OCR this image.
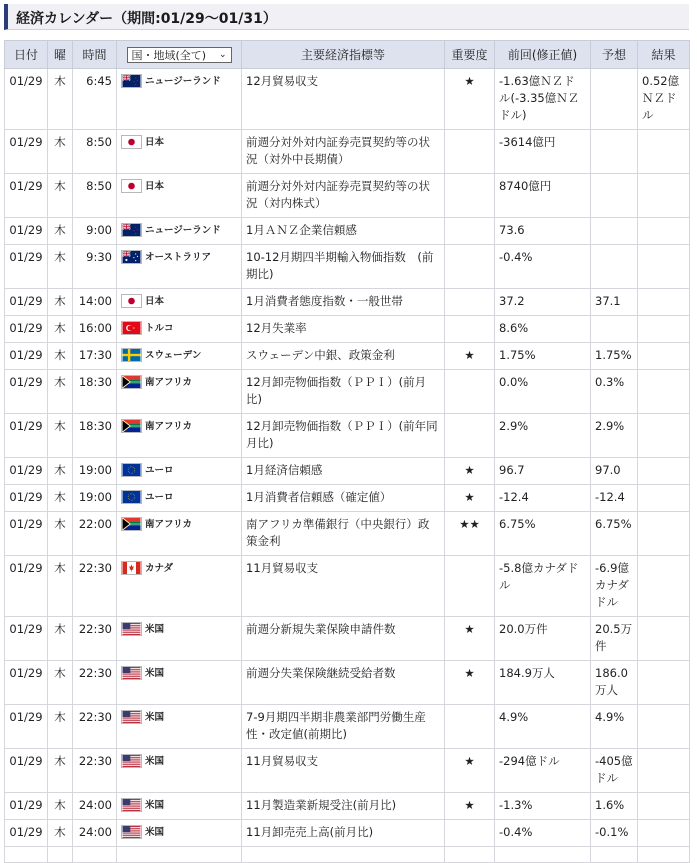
経済カレンダー（期間:01/29〜01/31）
日付	曜	時間	国・地域(全て) ⌄	主要経済指標等	重要度	前回(修正値)	予想	結果
01/29	木	6:45	ニュージーランド	12月貿易収支	★	-1.63億ＮＺドル(-3.35億ＮＺドル)		0.52億ＮＺドル
01/29	木	8:50	日本	前週分対外対内証券売買契約等の状況（対外中長期債）		-3614億円		
01/29	木	8:50	日本	前週分対外対内証券売買契約等の状況（対内株式）		8740億円		
01/29	木	9:00	ニュージーランド	1月ＡＮＺ企業信頼感		73.6		
01/29	木	9:30	オーストラリア	10-12月期四半期輸入物価指数　(前期比)		-0.4%		
01/29	木	14:00	日本	1月消費者態度指数・一般世帯		37.2	37.1	
01/29	木	16:00	トルコ	12月失業率		8.6%		
01/29	木	17:30	スウェーデン	スウェーデン中銀、政策金利	★	1.75%	1.75%	
01/29	木	18:30	南アフリカ	12月卸売物価指数（ＰＰＩ）(前月比)		0.0%	0.3%	
01/29	木	18:30	南アフリカ	12月卸売物価指数（ＰＰＩ）(前年同月比)		2.9%	2.9%	
01/29	木	19:00	ユーロ	1月経済信頼感	★	96.7	97.0	
01/29	木	19:00	ユーロ	1月消費者信頼感（確定値）	★	-12.4	-12.4	
01/29	木	22:00	南アフリカ	南アフリカ準備銀行（中央銀行）政策金利	★★	6.75%	6.75%	
01/29	木	22:30	カナダ	11月貿易収支		-5.8億カナダドル	-6.9億カナダドル	
01/29	木	22:30	米国	前週分新規失業保険申請件数	★	20.0万件	20.5万件	
01/29	木	22:30	米国	前週分失業保険継続受給者数	★	184.9万人	186.0万人	
01/29	木	22:30	米国	7-9月期四半期非農業部門労働生産性・改定値(前期比)		4.9%	4.9%	
01/29	木	22:30	米国	11月貿易収支	★	-294億ドル	-405億ドル	
01/29	木	24:00	米国	11月製造業新規受注(前月比)	★	-1.3%	1.6%	
01/29	木	24:00	米国	11月卸売売上高(前月比)		-0.4%	-0.1%	
